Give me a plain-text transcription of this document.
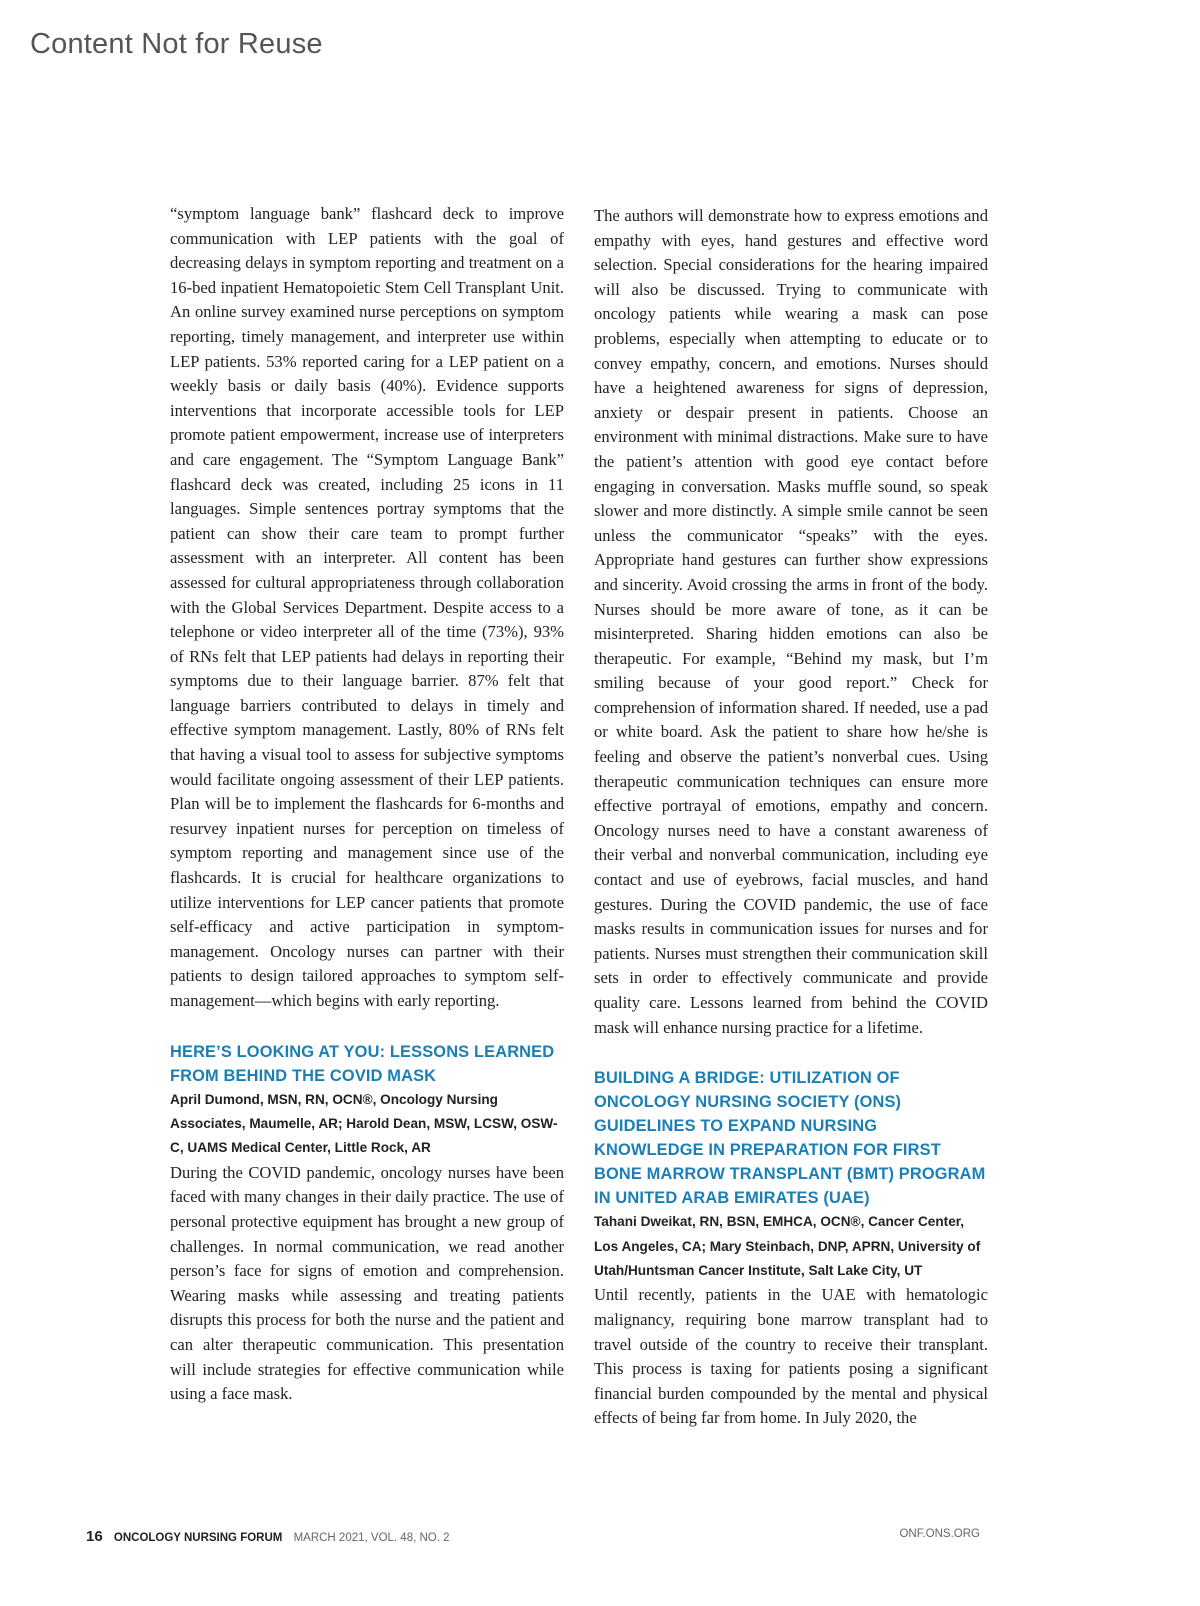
Content Not for Reuse

“symptom language bank” flashcard deck to improve communication with LEP patients with the goal of decreasing delays in symptom reporting and treatment on a 16-bed inpatient Hematopoietic Stem Cell Transplant Unit. An online survey examined nurse perceptions on symptom reporting, timely management, and interpreter use within LEP patients. 53% reported caring for a LEP patient on a weekly basis or daily basis (40%). Evidence supports interventions that incorporate accessible tools for LEP promote patient empowerment, increase use of interpreters and care engagement. The “Symptom Language Bank” flashcard deck was created, including 25 icons in 11 languages. Simple sentences portray symptoms that the patient can show their care team to prompt further assessment with an interpreter. All content has been assessed for cultural appropriateness through collaboration with the Global Services Department. Despite access to a telephone or video interpreter all of the time (73%), 93% of RNs felt that LEP patients had delays in reporting their symptoms due to their language barrier. 87% felt that language barriers contributed to delays in timely and effective symptom management. Lastly, 80% of RNs felt that having a visual tool to assess for subjective symptoms would facilitate ongoing assessment of their LEP patients. Plan will be to implement the flashcards for 6-months and resurvey inpatient nurses for perception on timeless of symptom reporting and management since use of the flashcards. It is crucial for healthcare organizations to utilize interventions for LEP cancer patients that promote self-efficacy and active participation in symptom-management. Oncology nurses can partner with their patients to design tailored approaches to symptom self-management—which begins with early reporting.

HERE’S LOOKING AT YOU: LESSONS LEARNED FROM BEHIND THE COVID MASK

April Dumond, MSN, RN, OCN®, Oncology Nursing Associates, Maumelle, AR; Harold Dean, MSW, LCSW, OSW-C, UAMS Medical Center, Little Rock, AR

During the COVID pandemic, oncology nurses have been faced with many changes in their daily practice. The use of personal protective equipment has brought a new group of challenges. In normal communication, we read another person’s face for signs of emotion and comprehension. Wearing masks while assessing and treating patients disrupts this process for both the nurse and the patient and can alter therapeutic communication. This presentation will include strategies for effective communication while using a face mask.

The authors will demonstrate how to express emotions and empathy with eyes, hand gestures and effective word selection. Special considerations for the hearing impaired will also be discussed. Trying to communicate with oncology patients while wearing a mask can pose problems, especially when attempting to educate or to convey empathy, concern, and emotions. Nurses should have a heightened awareness for signs of depression, anxiety or despair present in patients. Choose an environment with minimal distractions. Make sure to have the patient’s attention with good eye contact before engaging in conversation. Masks muffle sound, so speak slower and more distinctly. A simple smile cannot be seen unless the communicator “speaks” with the eyes. Appropriate hand gestures can further show expressions and sincerity. Avoid crossing the arms in front of the body. Nurses should be more aware of tone, as it can be misinterpreted. Sharing hidden emotions can also be therapeutic. For example, “Behind my mask, but I’m smiling because of your good report.” Check for comprehension of information shared. If needed, use a pad or white board. Ask the patient to share how he/she is feeling and observe the patient’s nonverbal cues. Using therapeutic communication techniques can ensure more effective portrayal of emotions, empathy and concern. Oncology nurses need to have a constant awareness of their verbal and nonverbal communication, including eye contact and use of eyebrows, facial muscles, and hand gestures. During the COVID pandemic, the use of face masks results in communication issues for nurses and for patients. Nurses must strengthen their communication skill sets in order to effectively communicate and provide quality care. Lessons learned from behind the COVID mask will enhance nursing practice for a lifetime.

BUILDING A BRIDGE: UTILIZATION OF ONCOLOGY NURSING SOCIETY (ONS) GUIDELINES TO EXPAND NURSING KNOWLEDGE IN PREPARATION FOR FIRST BONE MARROW TRANSPLANT (BMT) PROGRAM IN UNITED ARAB EMIRATES (UAE)

Tahani Dweikat, RN, BSN, EMHCA, OCN®, Cancer Center, Los Angeles, CA; Mary Steinbach, DNP, APRN, University of Utah/Huntsman Cancer Institute, Salt Lake City, UT

Until recently, patients in the UAE with hematologic malignancy, requiring bone marrow transplant had to travel outside of the country to receive their transplant. This process is taxing for patients posing a significant financial burden compounded by the mental and physical effects of being far from home. In July 2020, the

16 ONCOLOGY NURSING FORUM MARCH 2021, VOL. 48, NO. 2	ONF.ONS.ORG
